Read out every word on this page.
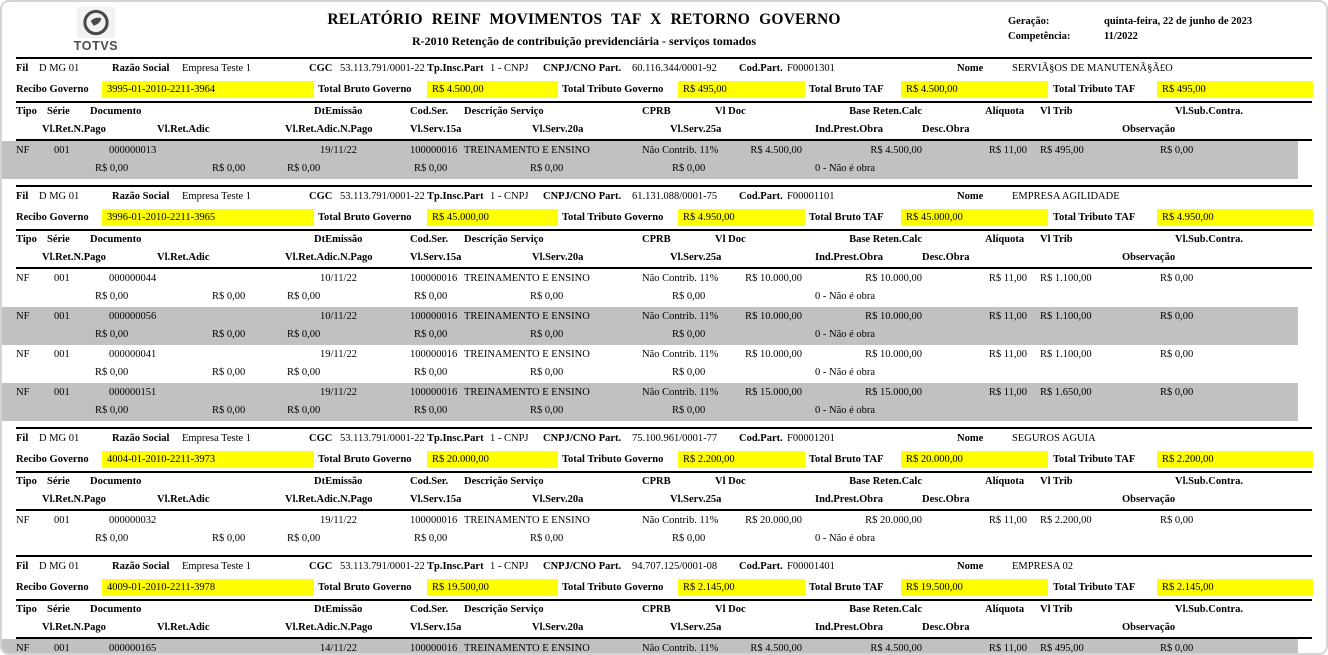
TOTVS
RELATÓRIO REINF MOVIMENTOS TAF X RETORNO GOVERNO
R-2010 Retenção de contribuição previdenciária - serviços tomados
Geração:	quinta-feira, 22 de junho de 2023
Competência:	11/2022
Fil D MG 01	Razão Social Empresa Teste 1	CGC 53.113.791/0001-22 Tp.Insc.Part 1 - CNPJ CNPJ/CNO Part. 60.116.344/0001-92 Cod.Part. F00001301	Nome	SERVIÃ§OS DE MANUTENÃ§Ã£O
Recibo Governo	3995-01-2010-2211-3964	Total Bruto Governo	R$ 4.500,00	Total Tributo Governo	R$ 495,00	Total Bruto TAF	R$ 4.500,00	Total Tributo TAF	R$ 495,00
Tipo Série Documento	DtEmissão	Cod.Ser. Descrição Serviço	CPRB	Vl Doc	Base Reten.Calc	Alíquota Vl Trib	Vl.Sub.Contra.
Vl.Ret.N.Pago	Vl.Ret.Adic	Vl.Ret.Adic.N.Pago	Vl.Serv.15a	Vl.Serv.20a	Vl.Serv.25a	Ind.Prest.Obra	Desc.Obra	Observação
NF 001	000000013	19/11/22	100000016 TREINAMENTO E ENSINO	Não Contrib. 11%	R$ 4.500,00	R$ 4.500,00	R$ 11,00 R$ 495,00	R$ 0,00
R$ 0,00	R$ 0,00	R$ 0,00	R$ 0,00	R$ 0,00	R$ 0,00	0 - Não é obra
Fil D MG 01	Razão Social Empresa Teste 1	CGC 53.113.791/0001-22 Tp.Insc.Part 1 - CNPJ CNPJ/CNO Part. 61.131.088/0001-75 Cod.Part. F00001101	Nome	EMPRESA AGILIDADE
Recibo Governo	3996-01-2010-2211-3965	Total Bruto Governo	R$ 45.000,00	Total Tributo Governo	R$ 4.950,00	Total Bruto TAF	R$ 45.000,00	Total Tributo TAF	R$ 4.950,00
Tipo Série Documento	DtEmissão	Cod.Ser. Descrição Serviço	CPRB	Vl Doc	Base Reten.Calc	Alíquota Vl Trib	Vl.Sub.Contra.
Vl.Ret.N.Pago	Vl.Ret.Adic	Vl.Ret.Adic.N.Pago	Vl.Serv.15a	Vl.Serv.20a	Vl.Serv.25a	Ind.Prest.Obra	Desc.Obra	Observação
NF 001	000000044	10/11/22	100000016 TREINAMENTO E ENSINO	Não Contrib. 11%	R$ 10.000,00	R$ 10.000,00	R$ 11,00 R$ 1.100,00	R$ 0,00
R$ 0,00	R$ 0,00	R$ 0,00	R$ 0,00	R$ 0,00	R$ 0,00	0 - Não é obra
NF 001	000000056	10/11/22	100000016 TREINAMENTO E ENSINO	Não Contrib. 11%	R$ 10.000,00	R$ 10.000,00	R$ 11,00 R$ 1.100,00	R$ 0,00
R$ 0,00	R$ 0,00	R$ 0,00	R$ 0,00	R$ 0,00	R$ 0,00	0 - Não é obra
NF 001	000000041	19/11/22	100000016 TREINAMENTO E ENSINO	Não Contrib. 11%	R$ 10.000,00	R$ 10.000,00	R$ 11,00 R$ 1.100,00	R$ 0,00
R$ 0,00	R$ 0,00	R$ 0,00	R$ 0,00	R$ 0,00	R$ 0,00	0 - Não é obra
NF 001	000000151	19/11/22	100000016 TREINAMENTO E ENSINO	Não Contrib. 11%	R$ 15.000,00	R$ 15.000,00	R$ 11,00 R$ 1.650,00	R$ 0,00
R$ 0,00	R$ 0,00	R$ 0,00	R$ 0,00	R$ 0,00	R$ 0,00	0 - Não é obra
Fil D MG 01	Razão Social Empresa Teste 1	CGC 53.113.791/0001-22 Tp.Insc.Part 1 - CNPJ CNPJ/CNO Part. 75.100.961/0001-77 Cod.Part. F00001201	Nome	SEGUROS AGUIA
Recibo Governo	4004-01-2010-2211-3973	Total Bruto Governo	R$ 20.000,00	Total Tributo Governo	R$ 2.200,00	Total Bruto TAF	R$ 20.000,00	Total Tributo TAF	R$ 2.200,00
Tipo Série Documento	DtEmissão	Cod.Ser. Descrição Serviço	CPRB	Vl Doc	Base Reten.Calc	Alíquota Vl Trib	Vl.Sub.Contra.
Vl.Ret.N.Pago	Vl.Ret.Adic	Vl.Ret.Adic.N.Pago	Vl.Serv.15a	Vl.Serv.20a	Vl.Serv.25a	Ind.Prest.Obra	Desc.Obra	Observação
NF 001	000000032	19/11/22	100000016 TREINAMENTO E ENSINO	Não Contrib. 11%	R$ 20.000,00	R$ 20.000,00	R$ 11,00 R$ 2.200,00	R$ 0,00
R$ 0,00	R$ 0,00	R$ 0,00	R$ 0,00	R$ 0,00	R$ 0,00	0 - Não é obra
Fil D MG 01	Razão Social Empresa Teste 1	CGC 53.113.791/0001-22 Tp.Insc.Part 1 - CNPJ CNPJ/CNO Part. 94.707.125/0001-08 Cod.Part. F00001401	Nome	EMPRESA 02
Recibo Governo	4009-01-2010-2211-3978	Total Bruto Governo	R$ 19.500,00	Total Tributo Governo	R$ 2.145,00	Total Bruto TAF	R$ 19.500,00	Total Tributo TAF	R$ 2.145,00
Tipo Série Documento	DtEmissão	Cod.Ser. Descrição Serviço	CPRB	Vl Doc	Base Reten.Calc	Alíquota Vl Trib	Vl.Sub.Contra.
Vl.Ret.N.Pago	Vl.Ret.Adic	Vl.Ret.Adic.N.Pago	Vl.Serv.15a	Vl.Serv.20a	Vl.Serv.25a	Ind.Prest.Obra	Desc.Obra	Observação
NF 001	000000165	14/11/22	100000016 TREINAMENTO E ENSINO	Não Contrib. 11%	R$ 4.500,00	R$ 4.500,00	R$ 11,00 R$ 495,00	R$ 0,00
